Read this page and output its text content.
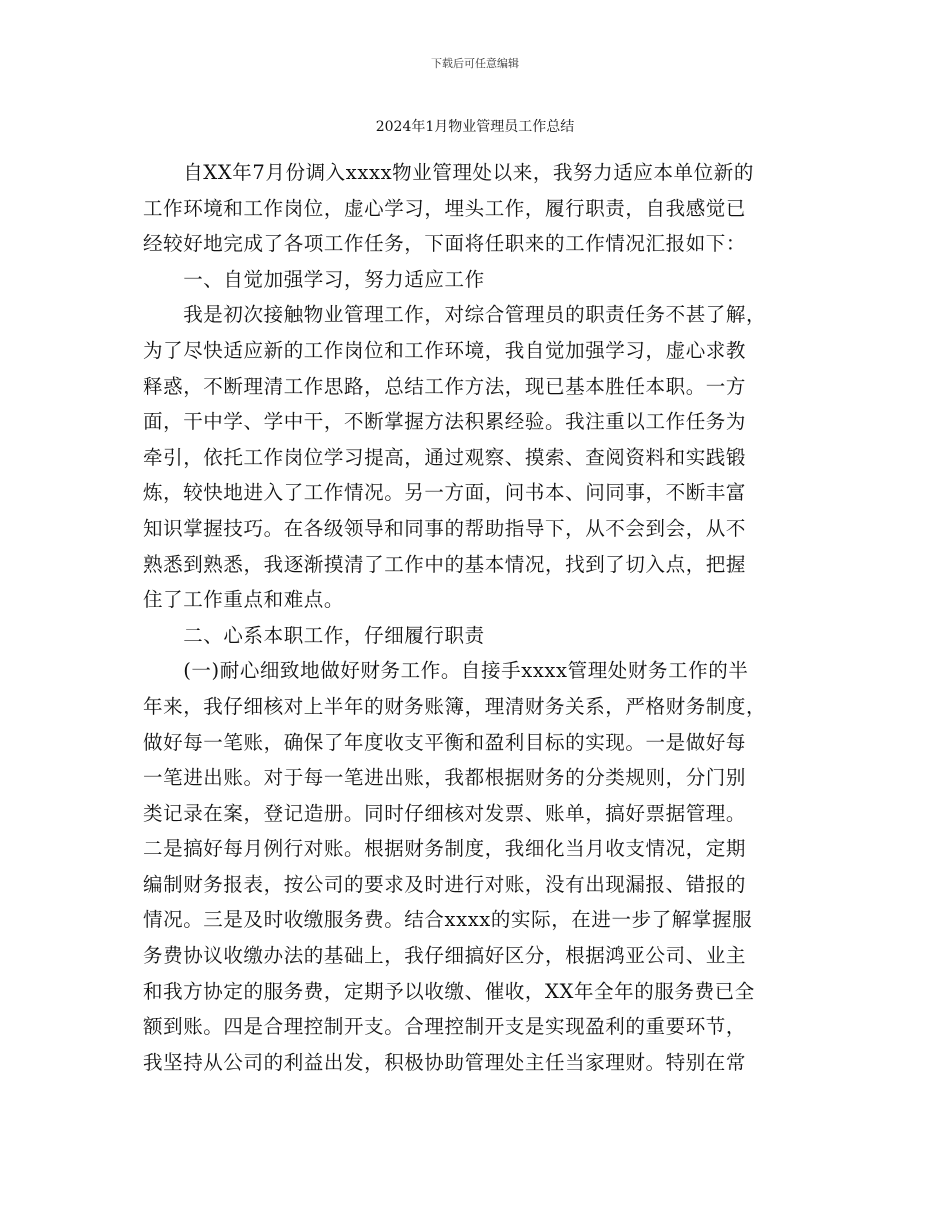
下载后可任意编辑
2024年1月物业管理员工作总结
　　自XX年7月份调入xxxx物业管理处以来，我努力适应本单位新的
工作环境和工作岗位，虚心学习，埋头工作，履行职责，自我感觉已
经较好地完成了各项工作任务，下面将任职来的工作情况汇报如下：
　　一、自觉加强学习，努力适应工作
　　我是初次接触物业管理工作，对综合管理员的职责任务不甚了解，
为了尽快适应新的工作岗位和工作环境，我自觉加强学习，虚心求教
释惑，不断理清工作思路，总结工作方法，现已基本胜任本职。一方
面，干中学、学中干，不断掌握方法积累经验。我注重以工作任务为
牵引，依托工作岗位学习提高，通过观察、摸索、查阅资料和实践锻
炼，较快地进入了工作情况。另一方面，问书本、问同事，不断丰富
知识掌握技巧。在各级领导和同事的帮助指导下，从不会到会，从不
熟悉到熟悉，我逐渐摸清了工作中的基本情况，找到了切入点，把握
住了工作重点和难点。
　　二、心系本职工作，仔细履行职责
　　(一)耐心细致地做好财务工作。自接手xxxx管理处财务工作的半
年来，我仔细核对上半年的财务账簿，理清财务关系，严格财务制度，
做好每一笔账，确保了年度收支平衡和盈利目标的实现。一是做好每
一笔进出账。对于每一笔进出账，我都根据财务的分类规则，分门别
类记录在案，登记造册。同时仔细核对发票、账单，搞好票据管理。
二是搞好每月例行对账。根据财务制度，我细化当月收支情况，定期
编制财务报表，按公司的要求及时进行对账，没有出现漏报、错报的
情况。三是及时收缴服务费。结合xxxx的实际，在进一步了解掌握服
务费协议收缴办法的基础上，我仔细搞好区分，根据鸿亚公司、业主
和我方协定的服务费，定期予以收缴、催收，XX年全年的服务费已全
额到账。四是合理控制开支。合理控制开支是实现盈利的重要环节，
我坚持从公司的利益出发，积极协助管理处主任当家理财。特别在常
